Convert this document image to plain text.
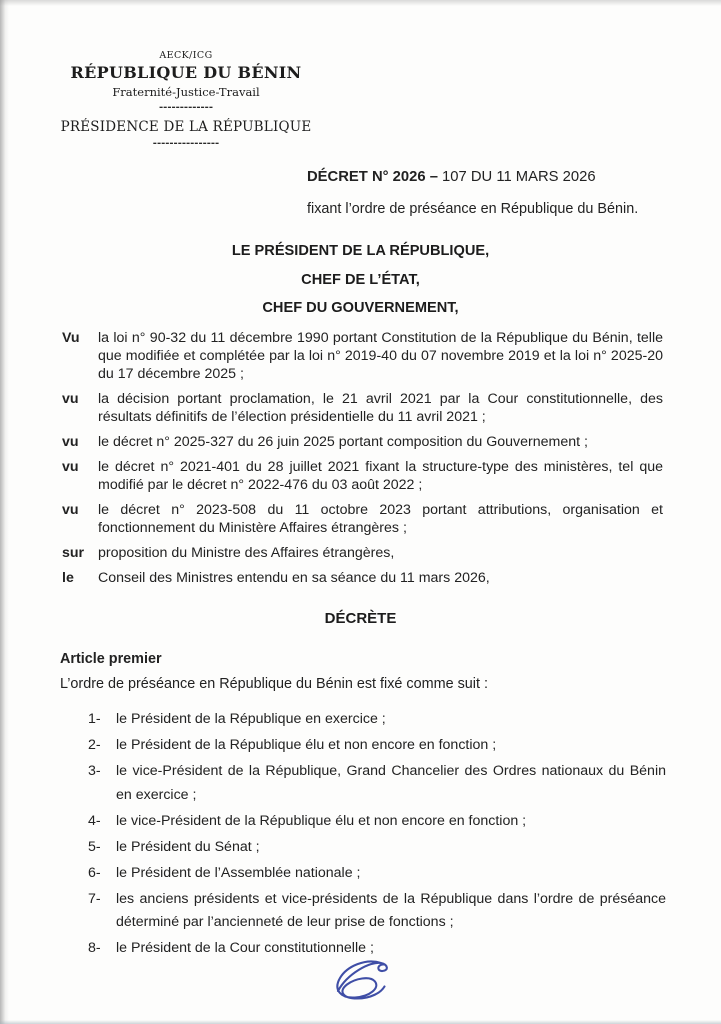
AECK/ICG
RÉPUBLIQUE DU BÉNIN
Fraternité-Justice-Travail
-------------
PRÉSIDENCE DE LA RÉPUBLIQUE
----------------
DÉCRET N° 2026 – 107 DU 11 MARS 2026
fixant l’ordre de préséance en République du Bénin.
LE PRÉSIDENT DE LA RÉPUBLIQUE,
CHEF DE L’ÉTAT,
CHEF DU GOUVERNEMENT,
Vu	la loi n° 90-32 du 11 décembre 1990 portant Constitution de la République du Bénin, telle que modifiée et complétée par la loi n° 2019-40 du 07 novembre 2019 et la loi n° 2025-20 du 17 décembre 2025 ;
vu	la décision portant proclamation, le 21 avril 2021 par la Cour constitutionnelle, des résultats définitifs de l’élection présidentielle du 11 avril 2021 ;
vu	le décret n° 2025-327 du 26 juin 2025 portant composition du Gouvernement ;
vu	le décret n° 2021-401 du 28 juillet 2021 fixant la structure-type des ministères, tel que modifié par le décret n° 2022-476 du 03 août 2022 ;
vu	le décret n° 2023-508 du 11 octobre 2023 portant attributions, organisation et fonctionnement du Ministère Affaires étrangères ;
sur proposition du Ministre des Affaires étrangères,
le	Conseil des Ministres entendu en sa séance du 11 mars 2026,
DÉCRÈTE
Article premier
L’ordre de préséance en République du Bénin est fixé comme suit :
1-	le Président de la République en exercice ;
2-	le Président de la République élu et non encore en fonction ;
3-	le vice-Président de la République, Grand Chancelier des Ordres nationaux du Bénin en exercice ;
4-	le vice-Président de la République élu et non encore en fonction ;
5-	le Président du Sénat ;
6-	le Président de l’Assemblée nationale ;
7-	les anciens présidents et vice-présidents de la République dans l’ordre de préséance déterminé par l’ancienneté de leur prise de fonctions ;
8-	le Président de la Cour constitutionnelle ;
